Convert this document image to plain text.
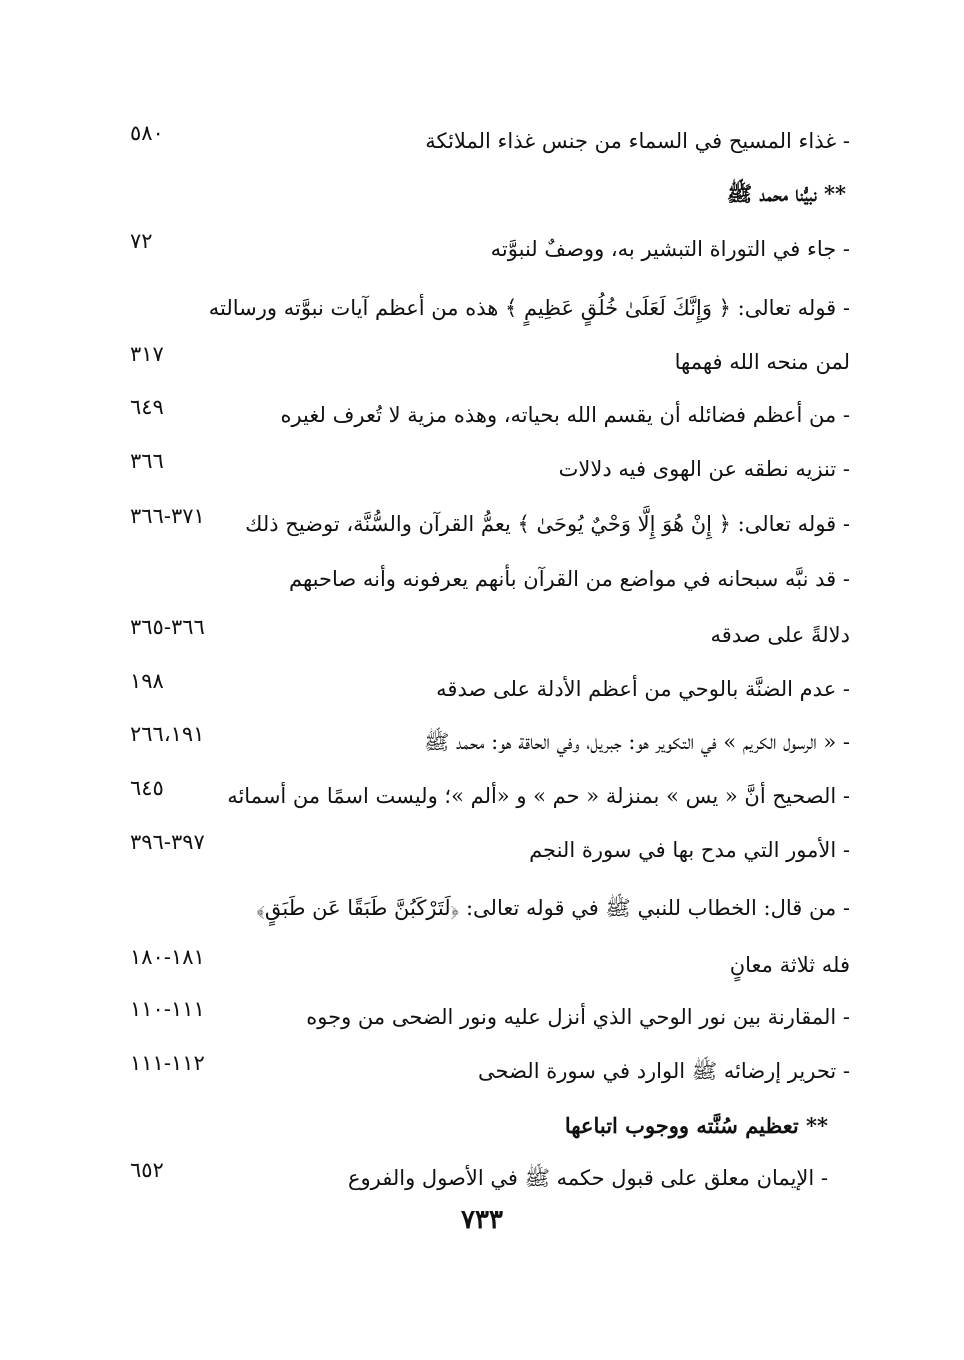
- غذاء المسيح في السماء من جنس غذاء الملائكة
٥٨٠
** نبيُّنا محمد ﷺ
- جاء في التوراة التبشير به، ووصفٌ لنبوَّته
٧٢
- قوله تعالى: ﴿ وَإِنَّكَ لَعَلَىٰ خُلُقٍ عَظِيمٍ ﴾ هذه من أعظم آيات نبوَّته ورسالته
لمن منحه الله فهمها
٣١٧
- من أعظم فضائله أن يقسم الله بحياته، وهذه مزية لا تُعرف لغيره
٦٤٩
- تنزيه نطقه عن الهوى فيه دلالات
٣٦٦
- قوله تعالى: ﴿ إِنْ هُوَ إِلَّا وَحْيٌ يُوحَىٰ ﴾ يعمُّ القرآن والسُّنَّة، توضيح ذلك
٣٧١-٣٦٦
- قد نبَّه سبحانه في مواضع من القرآن بأنهم يعرفونه وأنه صاحبهم
دلالةً على صدقه
٣٦٦-٣٦٥
- عدم الضنَّة بالوحي من أعظم الأدلة على صدقه
١٩٨
- « الرسول الكريم » في التكوير هو: جبريل، وفي الحاقة هو: محمد ﷺ
٢٦٦،١٩١
- الصحيح أنَّ « يس » بمنزلة « حم » و «ألم »؛ وليست اسمًا من أسمائه
٦٤٥
- الأمور التي مدح بها في سورة النجم
٣٩٧-٣٩٦
- من قال: الخطاب للنبي ﷺ في قوله تعالى: ﴿لَتَرْكَبُنَّ طَبَقًا عَن طَبَقٍ﴾
فله ثلاثة معانٍ
١٨١-١٨٠
- المقارنة بين نور الوحي الذي أنزل عليه ونور الضحى من وجوه
١١١-١١٠
- تحرير إرضائه ﷺ الوارد في سورة الضحى
١١٢-١١١
** تعظيم سُنَّته ووجوب اتباعها
- الإيمان معلق على قبول حكمه ﷺ في الأصول والفروع
٦٥٢
٧٣٣
